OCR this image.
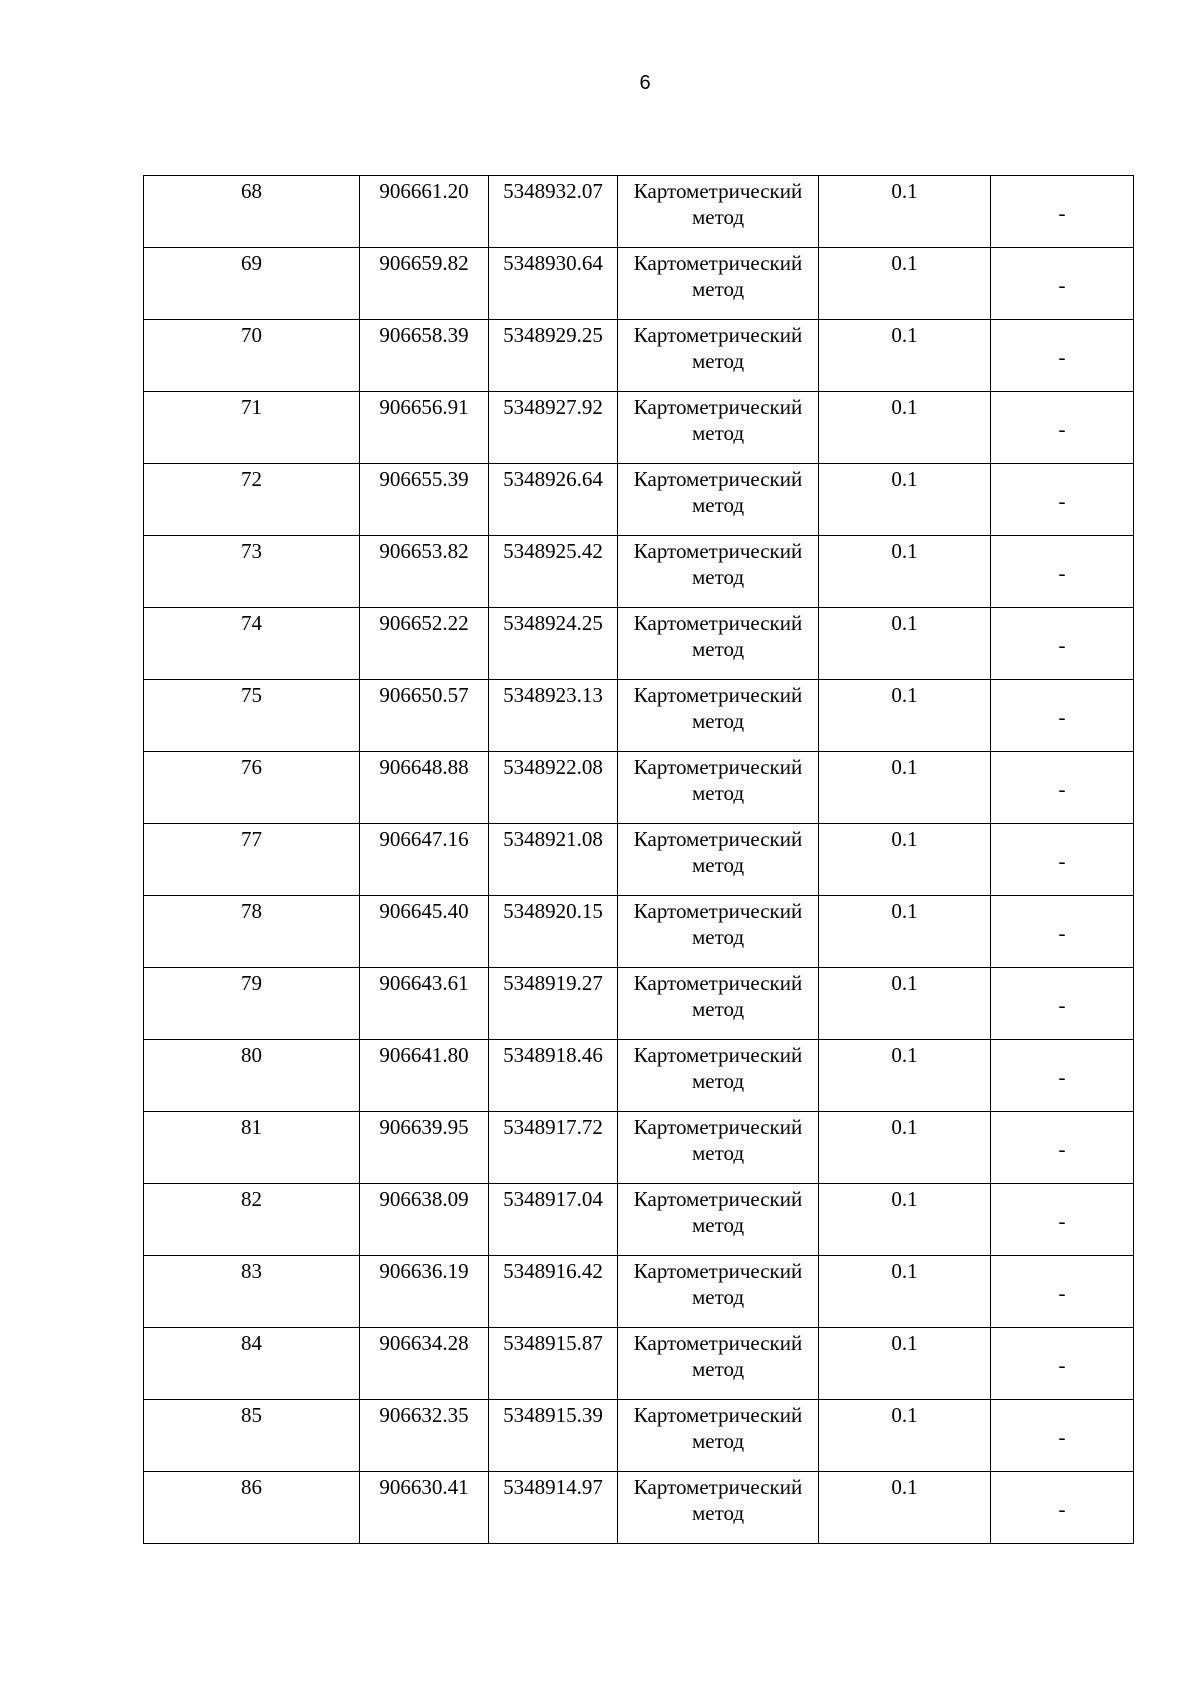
6
68	906661.20	5348932.07	Картометрический метод	0.1	-

69	906659.82	5348930.64	Картометрический метод	0.1	-

70	906658.39	5348929.25	Картометрический метод	0.1	-

71	906656.91	5348927.92	Картометрический метод	0.1	-

72	906655.39	5348926.64	Картометрический метод	0.1	-

73	906653.82	5348925.42	Картометрический метод	0.1	-

74	906652.22	5348924.25	Картометрический метод	0.1	-

75	906650.57	5348923.13	Картометрический метод	0.1	-

76	906648.88	5348922.08	Картометрический метод	0.1	-

77	906647.16	5348921.08	Картометрический метод	0.1	-

78	906645.40	5348920.15	Картометрический метод	0.1	-

79	906643.61	5348919.27	Картометрический метод	0.1	-

80	906641.80	5348918.46	Картометрический метод	0.1	-

81	906639.95	5348917.72	Картометрический метод	0.1	-

82	906638.09	5348917.04	Картометрический метод	0.1	-

83	906636.19	5348916.42	Картометрический метод	0.1	-

84	906634.28	5348915.87	Картометрический метод	0.1	-

85	906632.35	5348915.39	Картометрический метод	0.1	-

86	906630.41	5348914.97	Картометрический метод	0.1	-
